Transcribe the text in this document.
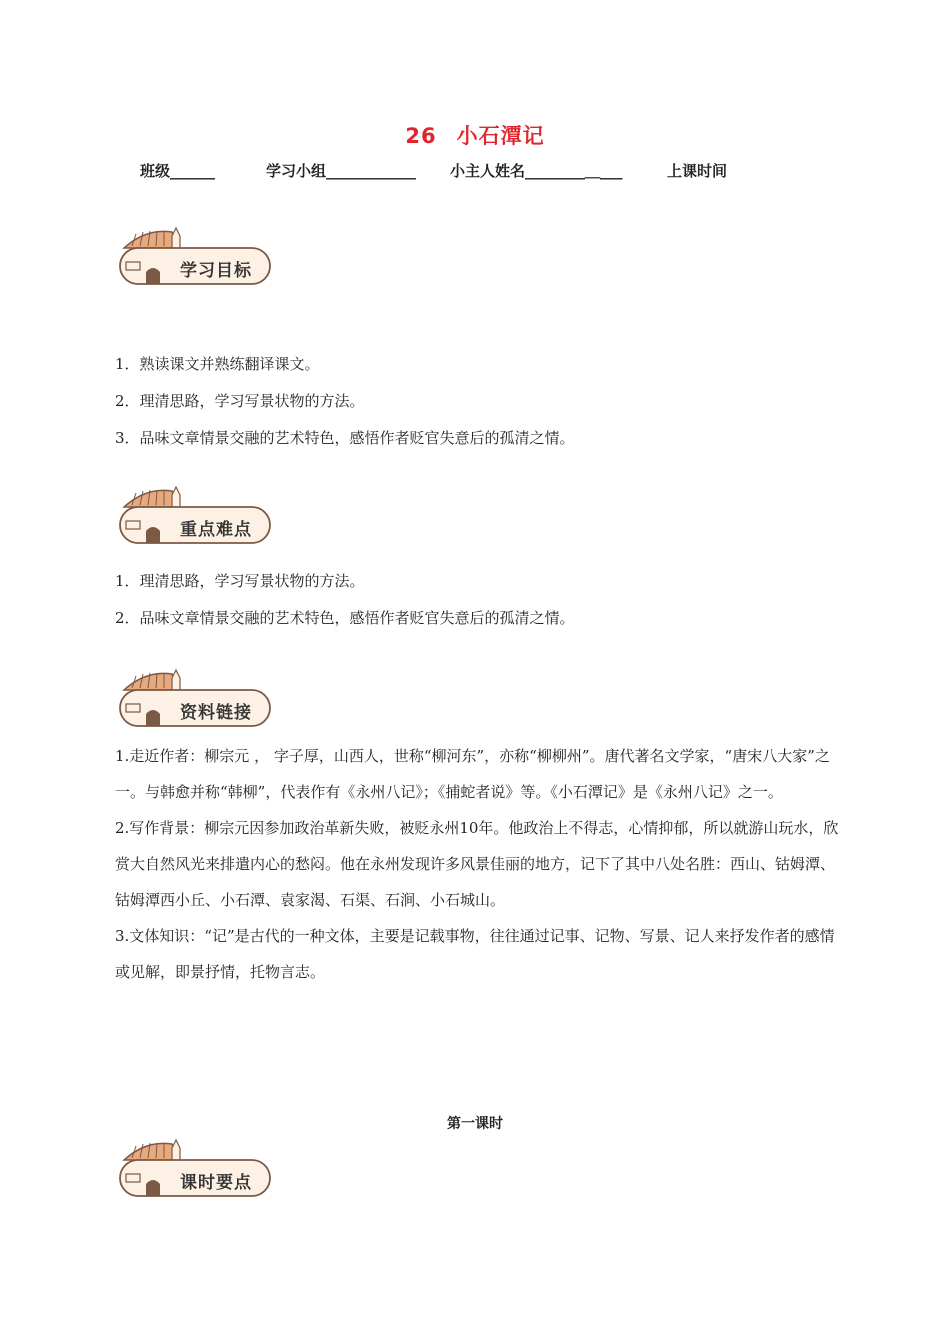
26 小石潭记
班级______	学习小组____________ 小主人姓名________＿___	上课时间
学习目标

1．熟读课文并熟练翻译课文。

2．理清思路，学习写景状物的方法。

3．品味文章情景交融的艺术特色，感悟作者贬官失意后的孤清之情。

重点难点

1．理清思路，学习写景状物的方法。

2．品味文章情景交融的艺术特色，感悟作者贬官失意后的孤清之情。

资料链接

1.走近作者：柳宗元 ， 字子厚，山西人，世称“柳河东”，亦称“柳柳州”。唐代著名文学家，“唐宋八大家”之一。与韩愈并称“韩柳”，代表作有《永州八记》；《捕蛇者说》等。《小石潭记》是《永州八记》之一。

2.写作背景：柳宗元因参加政治革新失败，被贬永州10年。他政治上不得志，心情抑郁，所以就游山玩水，欣赏大自然风光来排遣内心的愁闷。他在永州发现许多风景佳丽的地方，记下了其中八处名胜：西山、钴姆潭、钴姆潭西小丘、小石潭、袁家渴、石渠、石涧、小石城山。

3.文体知识：“记”是古代的一种文体，主要是记载事物，往往通过记事、记物、写景、记人来抒发作者的感情或见解，即景抒情，托物言志。

第一课时
课时要点
